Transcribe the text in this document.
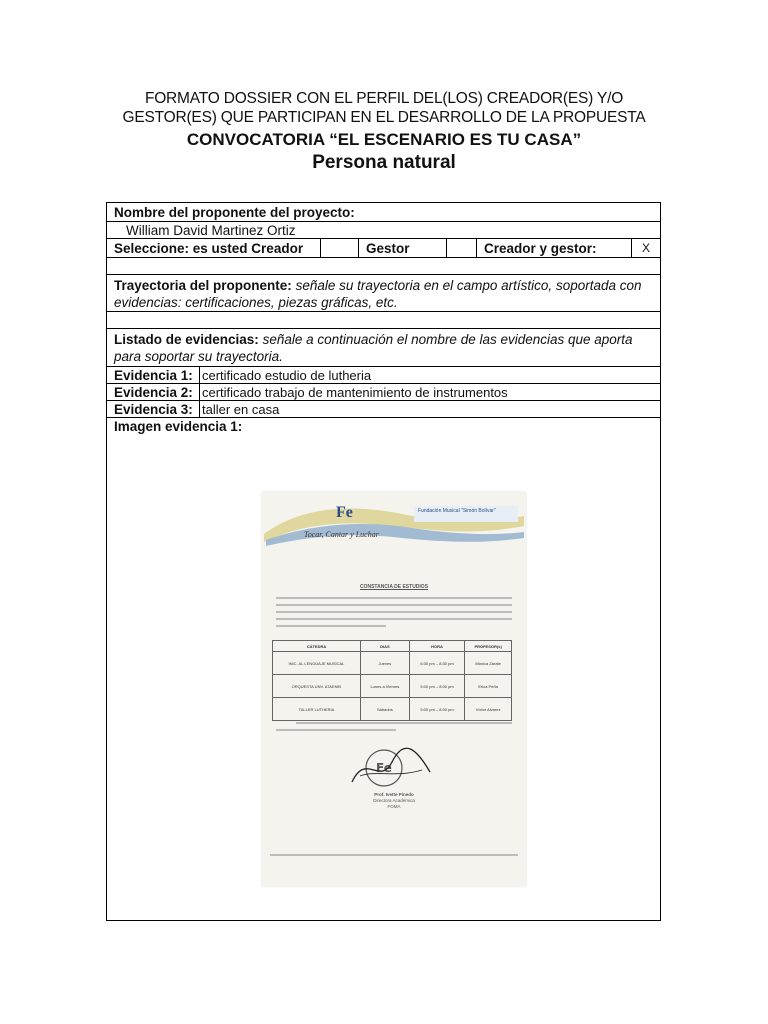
FORMATO DOSSIER CON EL PERFIL DEL(LOS) CREADOR(ES) Y/O
GESTOR(ES) QUE PARTICIPAN EN EL DESARROLLO DE LA PROPUESTA
CONVOCATORIA “EL ESCENARIO ES TU CASA”
Persona natural
Nombre del proponente del proyecto:
William David Martinez Ortiz
Seleccione: es usted Creador	Gestor	Creador y gestor:	X
Trayectoria del proponente: señale su trayectoria en el campo artístico, soportada con evidencias: certificaciones, piezas gráficas, etc.
Listado de evidencias: señale a continuación el nombre de las evidencias que aporta para soportar su trayectoria.
Evidencia 1: certificado estudio de lutheria
Evidencia 2: certificado trabajo de mantenimiento de instrumentos
Evidencia 3: taller en casa
Imagen evidencia 1:
Fe	Fundación Musical "Simón Bolívar"
Tocar, Cantar y Luchar
CONSTANCIA DE ESTUDIOS
CÁTEDRA	DIAS	HORA	PROFESOR(s)
INIC. AL LENGUAJE MUSICAL	Jueves	6:30 pm – 8:30 pm	Mónica Zárate
ORQUESTA UNV. ATAENEI	Lunes a Viernes	5:00 pm – 8:00 pm	Erica Peña
TALLER LUTHERIA	Sábados	5:00 pm – 8:00 pm	Víctor Alvarez
Fe
Prof. Ivette Pinedo
Directora Académica
FOMA
